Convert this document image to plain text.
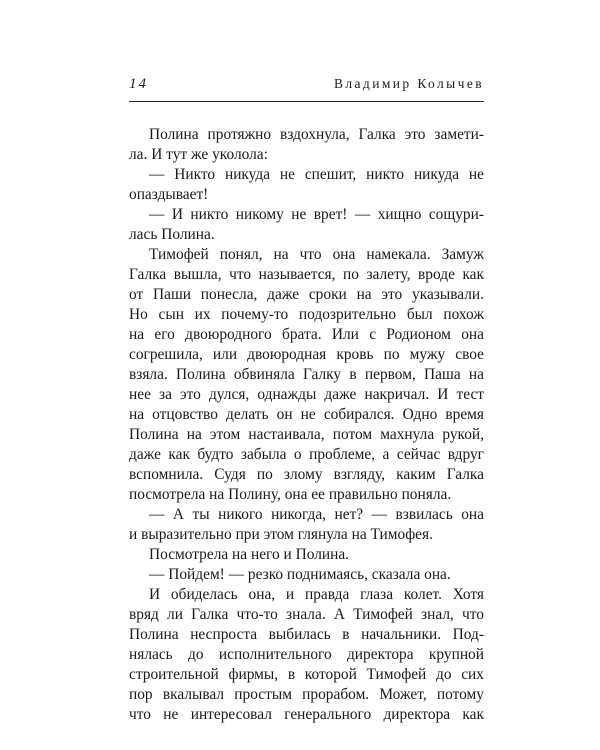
14	Владимир Колычев
Полина протяжно вздохнула, Галка это замети-
ла. И тут же уколола:
— Никто никуда не спешит, никто никуда не
опаздывает!
— И никто никому не врет! — хищно сощури-
лась Полина.
Тимофей понял, на что она намекала. Замуж
Галка вышла, что называется, по залету, вроде как
от Паши понесла, даже сроки на это указывали.
Но сын их почему-то подозрительно был похож
на его двоюродного брата. Или с Родионом она
согрешила, или двоюродная кровь по мужу свое
взяла. Полина обвиняла Галку в первом, Паша на
нее за это дулся, однажды даже накричал. И тест
на отцовство делать он не собирался. Одно время
Полина на этом настаивала, потом махнула рукой,
даже как будто забыла о проблеме, а сейчас вдруг
вспомнила. Судя по злому взгляду, каким Галка
посмотрела на Полину, она ее правильно поняла.
— А ты никого никогда, нет? — взвилась она
и выразительно при этом глянула на Тимофея.
Посмотрела на него и Полина.
— Пойдем! — резко поднимаясь, сказала она.
И обиделась она, и правда глаза колет. Хотя
вряд ли Галка что-то знала. А Тимофей знал, что
Полина неспроста выбилась в начальники. Под-
нялась до исполнительного директора крупной
строительной фирмы, в которой Тимофей до сих
пор вкалывал простым прорабом. Может, потому
что не интересовал генерального директора как
